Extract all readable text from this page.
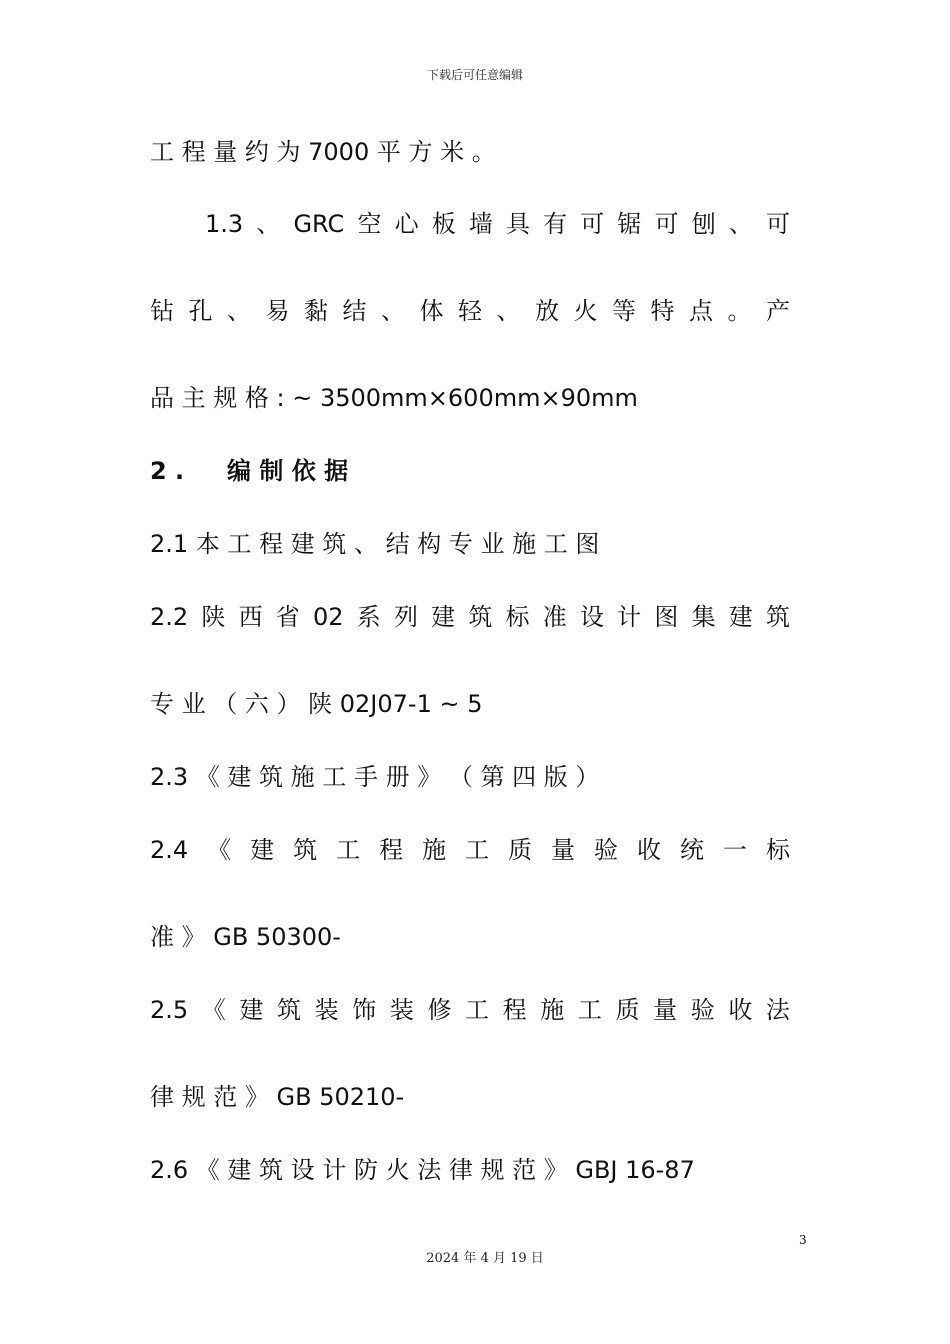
下载后可任意编辑
工 程 量 约 为 7000 平 方 米 。
1.3 、 GRC 空 心 板 墙 具 有 可 锯 可 刨 、 可
钻 孔 、 易 黏 结 、 体 轻 、 放 火 等 特 点 。 产
品 主 规 格 : ~ 3500mm×600mm×90mm
2 . 编 制 依 据
2.1 本 工 程 建 筑 、 结 构 专 业 施 工 图
2.2 陕 西 省 02 系 列 建 筑 标 准 设 计 图 集 建 筑
专 业 （ 六 ） 陕 02J07-1 ~ 5
2.3 《 建 筑 施 工 手 册 》 （ 第 四 版 ）
2.4 《 建 筑 工 程 施 工 质 量 验 收 统 一 标
准 》 GB 50300-
2.5 《 建 筑 装 饰 装 修 工 程 施 工 质 量 验 收 法
律 规 范 》 GB 50210-
2.6 《 建 筑 设 计 防 火 法 律 规 范 》 GBJ 16-87
3
2024 年 4 月 19 日
